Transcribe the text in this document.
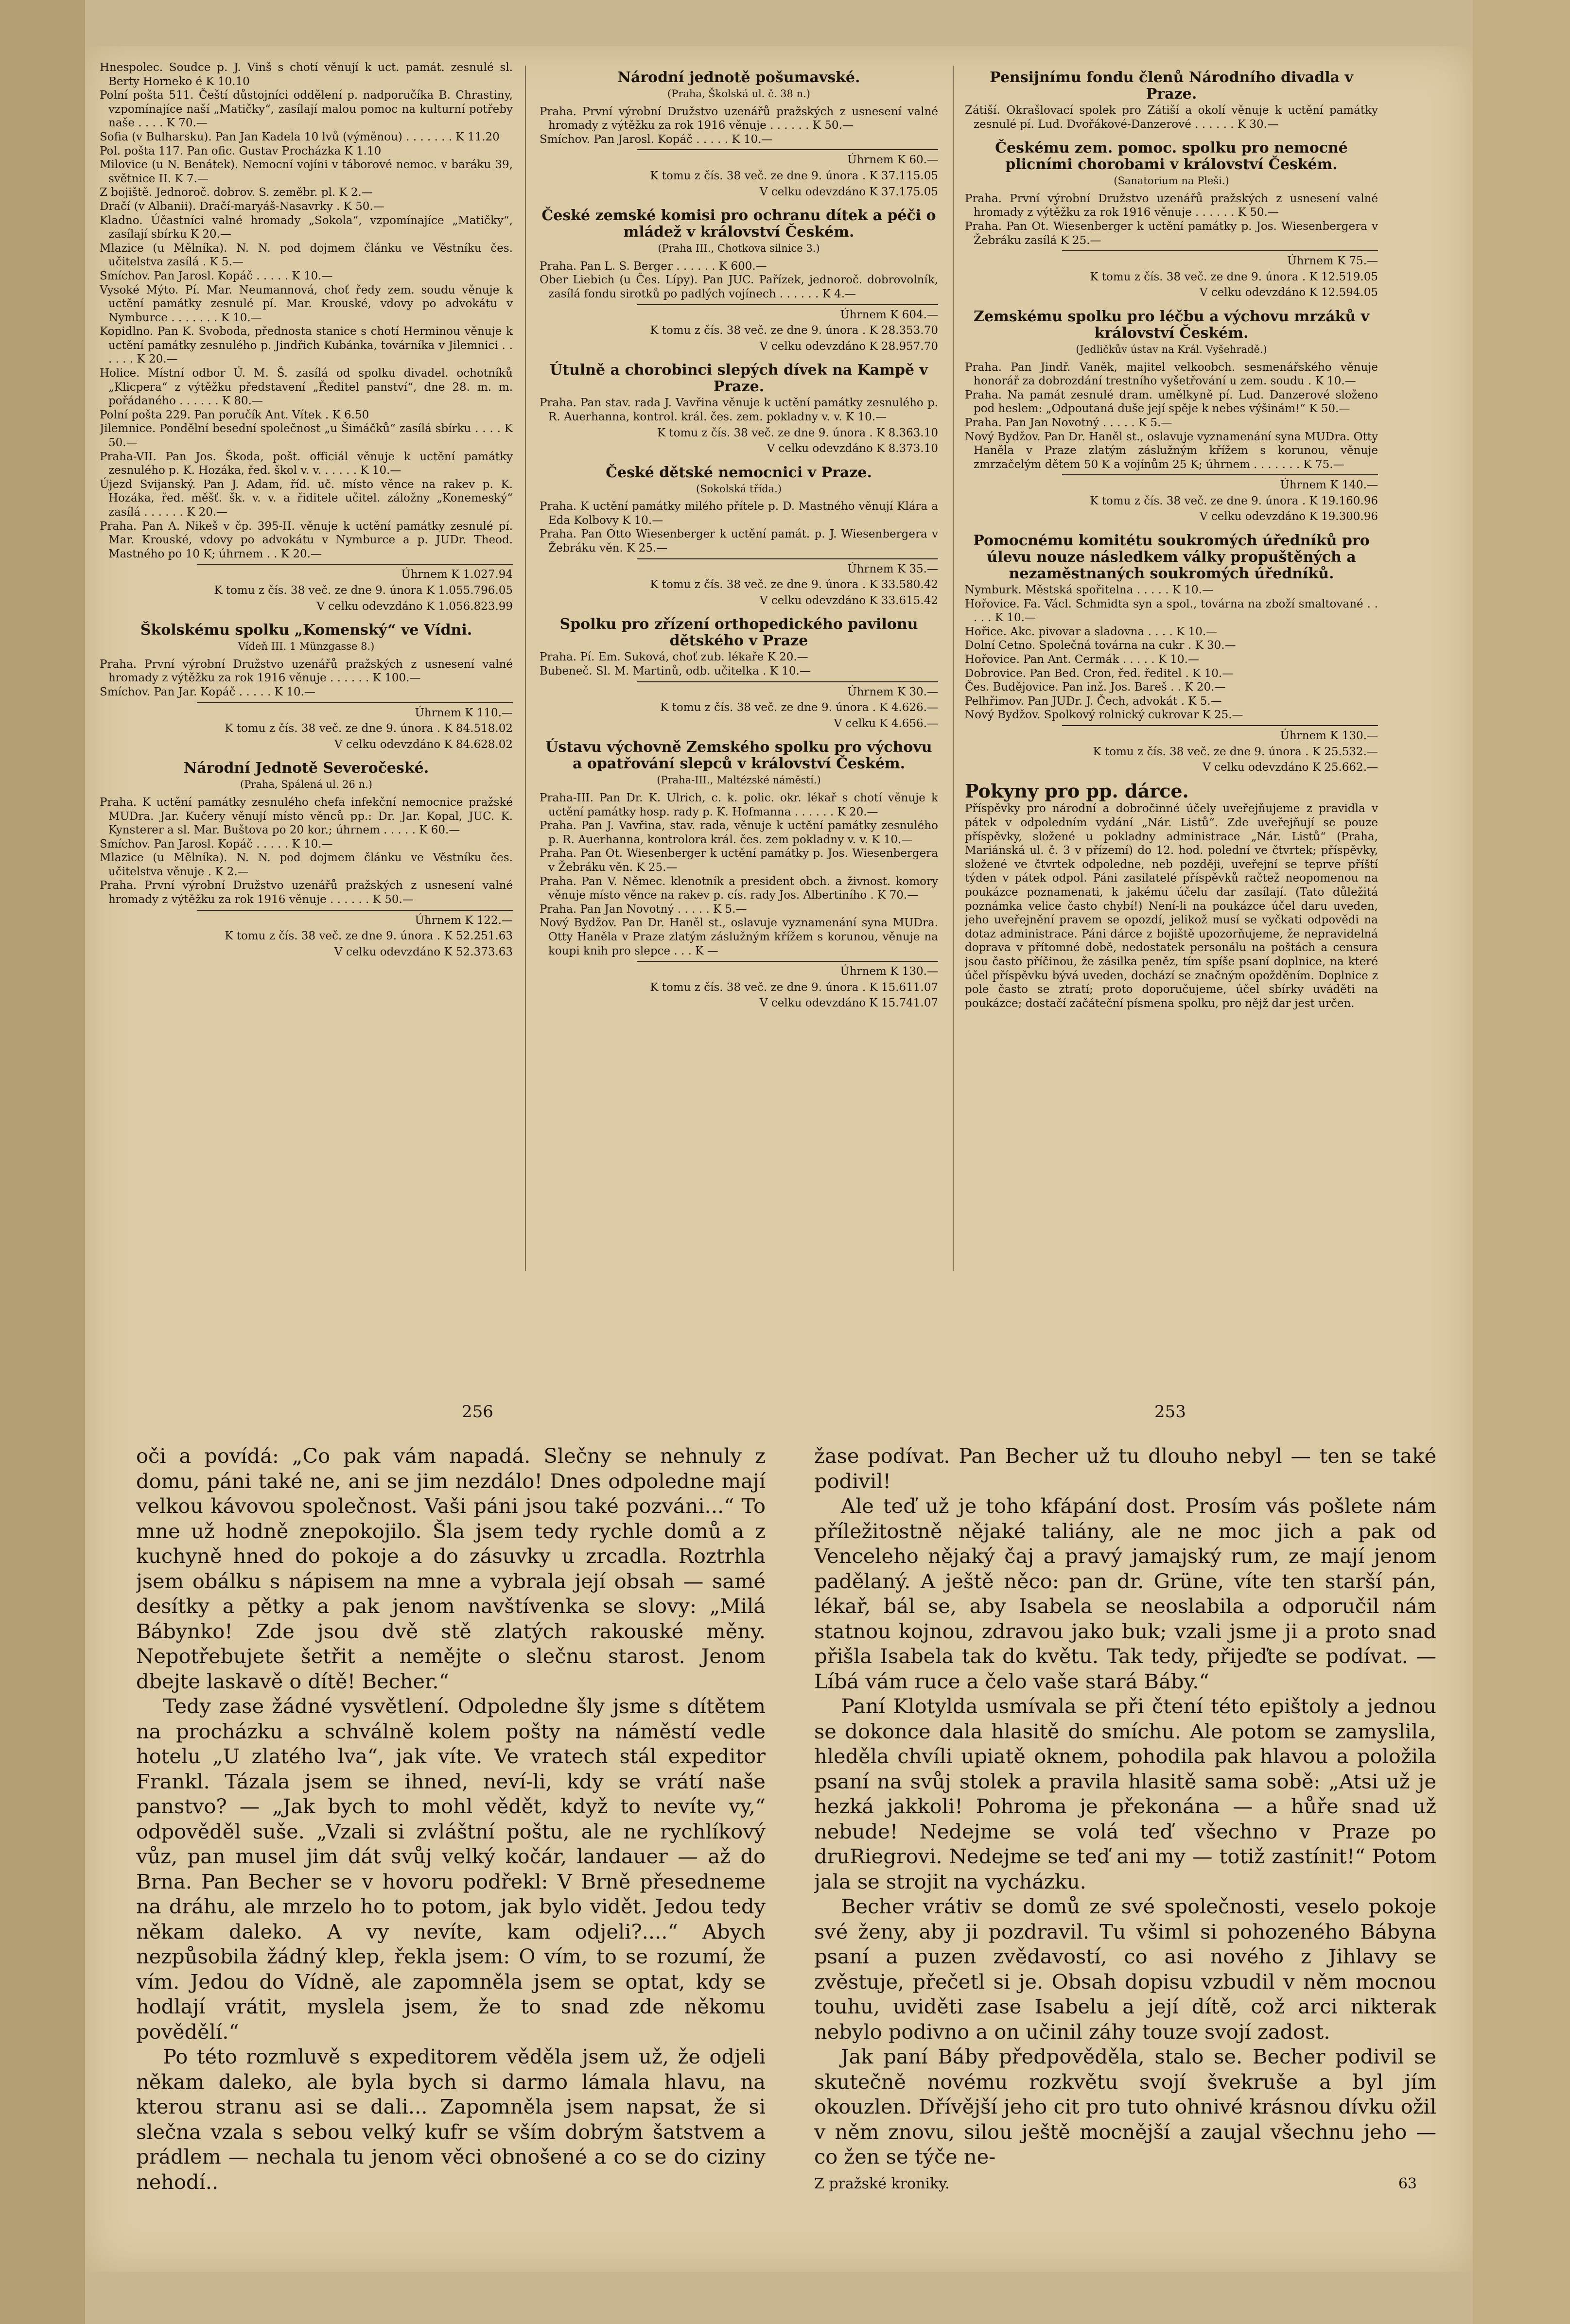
Hnespolec. Soudce p. J. Vinš s chotí věnují k uct. památ. zesnulé sl. Berty Horneko é K 10.10

Polní pošta 511. Čeští důstojníci oddělení p. nadporučíka B. Chrastiny, vzpomínajíce naší „Matičky“, zasílají malou pomoc na kulturní potřeby naše . . . . K 70.—

Sofia (v Bulharsku). Pan Jan Kadela 10 lvů (výměnou) . . . . . . . K 11.20

Pol. pošta 117. Pan ofic. Gustav Procházka K 1.10

Milovice (u N. Benátek). Nemocní vojíni v táborové nemoc. v baráku 39, světnice II. K 7.—

Z bojiště. Jednoroč. dobrov. S. zeměbr. pl. K 2.—

Dračí (v Albanii). Dračí-maryáš-Nasavrky . K 50.—

Kladno. Účastníci valné hromady „Sokola“, vzpomínajíce „Matičky“, zasílají sbírku K 20.—

Mlazice (u Mělníka). N. N. pod dojmem článku ve Věstníku čes. učitelstva zasílá . K 5.—

Smíchov. Pan Jarosl. Kopáč . . . . . K 10.—

Vysoké Mýto. Pí. Mar. Neumannová, choť ředy zem. soudu věnuje k uctění památky zesnulé pí. Mar. Krouské, vdovy po advokátu v Nymburce . . . . . . . K 10.—

Kopidlno. Pan K. Svoboda, přednosta stanice s chotí Herminou věnuje k uctění památky zesnulého p. Jindřich Kubánka, továrníka v Jilemnici . . . . . . K 20.—

Holice. Místní odbor Ú. M. Š. zasílá od spolku divadel. ochotníků „Klicpera“ z výtěžku představení „Ředitel panství“, dne 28. m. m. pořádaného . . . . . . K 80.—

Polní pošta 229. Pan poručík Ant. Vítek . K 6.50

Jilemnice. Pondělní besední společnost „u Šimáčků“ zasílá sbírku . . . . K 50.—

Praha-VII. Pan Jos. Škoda, pošt. officiál věnuje k uctění památky zesnulého p. K. Hozáka, řed. škol v. v. . . . . . K 10.—

Újezd Svijanský. Pan J. Adam, říd. uč. místo věnce na rakev p. K. Hozáka, řed. měšť. šk. v. v. a řiditele učitel. záložny „Konemeský“ zasílá . . . . . . K 20.—

Praha. Pan A. Nikeš v čp. 395-II. věnuje k uctění památky zesnulé pí. Mar. Krouské, vdovy po advokátu v Nymburce a p. JUDr. Theod. Mastného po 10 K; úhrnem . . K 20.—

Úhrnem K 1.027.94
K tomu z čís. 38 več. ze dne 9. února K 1.055.796.05
V celku odevzdáno K 1.056.823.99
Školskému spolku „Komenský“ ve Vídni.
Vídeň III. 1 Münzgasse 8.)

Praha. První výrobní Družstvo uzenářů pražských z usnesení valné hromady z výtěžku za rok 1916 věnuje . . . . . . K 100.—

Smíchov. Pan Jar. Kopáč . . . . . K 10.—

Úhrnem K 110.—
K tomu z čís. 38 več. ze dne 9. února . K 84.518.02
V celku odevzdáno K 84.628.02
Národní Jednotě Severočeské.
(Praha, Spálená ul. 26 n.)

Praha. K uctění památky zesnulého chefa infekční nemocnice pražské MUDra. Jar. Kučery věnují místo věnců pp.: Dr. Jar. Kopal, JUC. K. Kynsterer a sl. Mar. Buštova po 20 kor.; úhrnem . . . . . K 60.—

Smíchov. Pan Jarosl. Kopáč . . . . . K 10.—

Mlazice (u Mělníka). N. N. pod dojmem článku ve Věstníku čes. učitelstva věnuje . K 2.—

Praha. První výrobní Družstvo uzenářů pražských z usnesení valné hromady z výtěžku za rok 1916 věnuje . . . . . . K 50.—

Úhrnem K 122.—
K tomu z čís. 38 več. ze dne 9. února . K 52.251.63
V celku odevzdáno K 52.373.63
Národní jednotě pošumavské.
(Praha, Školská ul. č. 38 n.)

Praha. První výrobní Družstvo uzenářů pražských z usnesení valné hromady z výtěžku za rok 1916 věnuje . . . . . . K 50.—

Smíchov. Pan Jarosl. Kopáč . . . . . K 10.—

Úhrnem K 60.—
K tomu z čís. 38 več. ze dne 9. února . K 37.115.05
V celku odevzdáno K 37.175.05
České zemské komisi pro ochranu dítek a péči o mládež v království Českém.
(Praha III., Chotkova silnice 3.)

Praha. Pan L. S. Berger . . . . . . K 600.—

Ober Liebich (u Čes. Lípy). Pan JUC. Pařízek, jednoroč. dobrovolník, zasílá fondu sirotků po padlých vojínech . . . . . . K 4.—

Úhrnem K 604.—
K tomu z čís. 38 več. ze dne 9. února . K 28.353.70
V celku odevzdáno K 28.957.70
Útulně a chorobinci slepých dívek na Kampě v Praze.

Praha. Pan stav. rada J. Vavřina věnuje k uctění památky zesnulého p. R. Auerhanna, kontrol. král. čes. zem. pokladny v. v. K 10.—

K tomu z čís. 38 več. ze dne 9. února . K 8.363.10
V celku odevzdáno K 8.373.10
České dětské nemocnici v Praze.
(Sokolská třída.)

Praha. K uctění památky milého přítele p. D. Mastného věnují Klára a Eda Kolbovy K 10.—

Praha. Pan Otto Wiesenberger k uctění památ. p. J. Wiesenbergera v Žebráku věn. K 25.—

Úhrnem K 35.—
K tomu z čís. 38 več. ze dne 9. února . K 33.580.42
V celku odevzdáno K 33.615.42
Spolku pro zřízení orthopedického pavilonu dětského v Praze

Praha. Pí. Em. Suková, choť zub. lékaře K 20.—

Bubeneč. Sl. M. Martinů, odb. učitelka . K 10.—

Úhrnem K 30.—
K tomu z čís. 38 več. ze dne 9. února . K 4.626.—
V celku K 4.656.—
Ústavu výchovně Zemského spolku pro výchovu a opatřování slepců v království Českém.
(Praha-III., Maltézské náměstí.)

Praha-III. Pan Dr. K. Ulrich, c. k. polic. okr. lékař s chotí věnuje k uctění památky hosp. rady p. K. Hofmanna . . . . . . K 20.—

Praha. Pan J. Vavřina, stav. rada, věnuje k uctění památky zesnulého p. R. Auerhanna, kontrolora král. čes. zem pokladny v. v. K 10.—

Praha. Pan Ot. Wiesenberger k uctění památky p. Jos. Wiesenbergera v Žebráku věn. K 25.—

Praha. Pan V. Němec. klenotník a president obch. a živnost. komory věnuje místo věnce na rakev p. cís. rady Jos. Albertiního . K 70.—

Praha. Pan Jan Novotný . . . . . K 5.—

Nový Bydžov. Pan Dr. Haněl st., oslavuje vyznamenání syna MUDra. Otty Haněla v Praze zlatým záslužným křížem s korunou, věnuje na koupi knih pro slepce . . . K —

Úhrnem K 130.—
K tomu z čís. 38 več. ze dne 9. února . K 15.611.07
V celku odevzdáno K 15.741.07
Pensijnímu fondu členů Národního divadla v Praze.

Zátiší. Okrašlovací spolek pro Zátiší a okolí věnuje k uctění památky zesnulé pí. Lud. Dvořákové-Danzerové . . . . . . K 30.—

Českému zem. pomoc. spolku pro nemocné plicními chorobami v království Českém.
(Sanatorium na Pleši.)

Praha. První výrobní Družstvo uzenářů pražských z usnesení valné hromady z výtěžku za rok 1916 věnuje . . . . . . K 50.—

Praha. Pan Ot. Wiesenberger k uctění památky p. Jos. Wiesenbergera v Žebráku zasílá K 25.—

Úhrnem K 75.—
K tomu z čís. 38 več. ze dne 9. února . K 12.519.05
V celku odevzdáno K 12.594.05
Zemskému spolku pro léčbu a výchovu mrzáků v království Českém.
(Jedličkův ústav na Král. Vyšehradě.)

Praha. Pan Jindř. Vaněk, majitel velkoobch. sesmenářského věnuje honorář za dobrozdání trestního vyšetřování u zem. soudu . K 10.—

Praha. Na památ zesnulé dram. umělkyně pí. Lud. Danzerové složeno pod heslem: „Odpoutaná duše její spěje k nebes výšinám!“ K 50.—

Praha. Pan Jan Novotný . . . . . K 5.—

Nový Bydžov. Pan Dr. Haněl st., oslavuje vyznamenání syna MUDra. Otty Haněla v Praze zlatým záslužným křížem s korunou, věnuje zmrzačelým dětem 50 K a vojínům 25 K; úhrnem . . . . . . . K 75.—

Úhrnem K 140.—
K tomu z čís. 38 več. ze dne 9. února . K 19.160.96
V celku odevzdáno K 19.300.96
Pomocnému komitétu soukromých úředníků pro úlevu nouze následkem války propuštěných a nezaměstnaných soukromých úředníků.

Nymburk. Městská spořitelna . . . . . K 10.—

Hořovice. Fa. Václ. Schmidta syn a spol., továrna na zboží smaltované . . . . . K 10.—

Hořice. Akc. pivovar a sladovna . . . . K 10.—

Dolní Cetno. Společná továrna na cukr . K 30.—

Hořovice. Pan Ant. Cermák . . . . . K 10.—

Dobrovice. Pan Bed. Cron, řed. ředitel . K 10.—

Čes. Budějovice. Pan inž. Jos. Bareš . . K 20.—

Pelhřimov. Pan JUDr. J. Čech, advokát . K 5.—

Nový Bydžov. Spolkový rolnický cukrovar K 25.—

Úhrnem K 130.—
K tomu z čís. 38 več. ze dne 9. února . K 25.532.—
V celku odevzdáno K 25.662.—
Pokyny pro pp. dárce.
Příspěvky pro národní a dobročinné účely uveřejňujeme z pravidla v pátek v odpoledním vydání „Nár. Listů“. Zde uveřejňují se pouze příspěvky, složené u pokladny administrace „Nár. Listů“ (Praha, Mariánská ul. č. 3 v přízemí) do 12. hod. polední ve čtvrtek; příspěvky, složené ve čtvrtek odpoledne, neb později, uveřejní se teprve příští týden v pátek odpol. Páni zasilatelé příspěvků račtež neopomenou na poukázce poznamenati, k jakému účelu dar zasílají. (Tato důležitá poznámka velice často chybí!) Není-li na poukázce účel daru uveden, jeho uveřejnění pravem se opozdí, jelikož musí se vyčkati odpovědi na dotaz administrace. Páni dárce z bojiště upozorňujeme, že nepravidelná doprava v přítomné době, nedostatek personálu na poštách a censura jsou často příčinou, že zásilka peněz, tím spíše psaní doplnice, na které účel příspěvku bývá uveden, dochází se značným opožděním. Doplnice z pole často se ztratí; proto doporučujeme, účel sbírky uváděti na poukázce; dostačí začáteční písmena spolku, pro nějž dar jest určen.
256	253

oči a povídá: „Co pak vám napadá. Slečny se nehnuly z domu, páni také ne, ani se jim nezdálo! Dnes odpoledne mají velkou kávovou společnost. Vaši páni jsou také pozváni...“ To mne už hodně znepokojilo. Šla jsem tedy rychle domů a z kuchyně hned do pokoje a do zásuvky u zrcadla. Roztrhla jsem obálku s nápisem na mne a vybrala její obsah — samé desítky a pětky a pak jenom navštívenka se slovy: „Milá Bábynko! Zde jsou dvě stě zlatých rakouské měny. Nepotřebujete šetřit a nemějte o slečnu starost. Jenom dbejte laskavě o dítě! Becher.“

Tedy zase žádné vysvětlení. Odpoledne šly jsme s dítětem na procházku a schválně kolem pošty na náměstí vedle hotelu „U zlatého lva“, jak víte. Ve vratech stál expeditor Frankl. Tázala jsem se ihned, neví-li, kdy se vrátí naše panstvo? — „Jak bych to mohl vědět, když to nevíte vy,“ odpověděl suše. „Vzali si zvláštní poštu, ale ne rychlíkový vůz, pan musel jim dát svůj velký kočár, landauer — až do Brna. Pan Becher se v hovoru podřekl: V Brně přesedneme na dráhu, ale mrzelo ho to potom, jak bylo vidět. Jedou tedy někam daleko. A vy nevíte, kam odjeli?....“ Abych nezpůsobila žádný klep, řekla jsem: O vím, to se rozumí, že vím. Jedou do Vídně, ale zapomněla jsem se optat, kdy se hodlají vrátit, myslela jsem, že to snad zde někomu povědělí.“

Po této rozmluvě s expeditorem věděla jsem už, že odjeli někam daleko, ale byla bych si darmo lámala hlavu, na kterou stranu asi se dali... Zapomněla jsem napsat, že si slečna vzala s sebou velký kufr se vším dobrým šatstvem a prádlem — nechala tu jenom věci obnošené a co se do ciziny nehodí..

žase podívat. Pan Becher už tu dlouho nebyl — ten se také podivil!

Ale teď už je toho kfápání dost. Prosím vás pošlete nám příležitostně nějaké taliány, ale ne moc jich a pak od Venceleho nějaký čaj a pravý jamajský rum, ze mají jenom padělaný. A ještě něco: pan dr. Grüne, víte ten starší pán, lékař, bál se, aby Isabela se neoslabila a odporučil nám statnou kojnou, zdravou jako buk; vzali jsme ji a proto snad přišla Isabela tak do květu. Tak tedy, přijeďte se podívat. — Líbá vám ruce a čelo vaše stará Báby.“

Paní Klotylda usmívala se při čtení této epištoly a jednou se dokonce dala hlasitě do smíchu. Ale potom se zamyslila, hleděla chvíli upiatě oknem, pohodila pak hlavou a položila psaní na svůj stolek a pravila hlasitě sama sobě: „Atsi už je hezká jakkoli! Pohroma je překonána — a hůře snad už nebude! Nedejme se volá teď všechno v Praze po druRiegrovi. Nedejme se teď ani my — totiž zastínit!“ Potom jala se strojit na vycházku.

Becher vrátiv se domů ze své společnosti, veselo pokoje své ženy, aby ji pozdravil. Tu všiml si pohozeného Bábyna psaní a puzen zvědavostí, co asi nového z Jihlavy se zvěstuje, přečetl si je. Obsah dopisu vzbudil v něm mocnou touhu, uviděti zase Isabelu a její dítě, což arci nikterak nebylo podivno a on učinil záhy touze svojí zadost.

Jak paní Báby předpověděla, stalo se. Becher podivil se skutečně novému rozkvětu svojí švekruše a byl jím okouzlen. Dřívější jeho cit pro tuto ohnivé krásnou dívku ožil v něm znovu, silou ještě mocnější a zaujal všechnu jeho — co žen se týče ne-

Z pražské kroniky.	63
